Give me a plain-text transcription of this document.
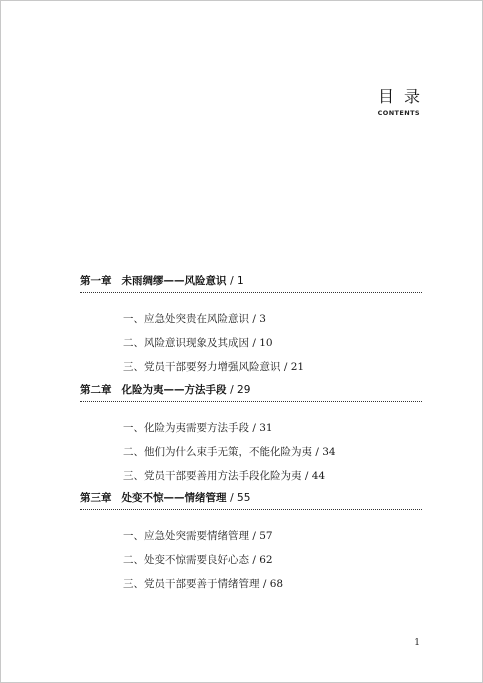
目录
CONTENTS
第一章 未雨绸缪——风险意识 / 1
一、应急处突贵在风险意识 / 3
二、风险意识现象及其成因 / 10
三、党员干部要努力增强风险意识 / 21
第二章 化险为夷——方法手段 / 29
一、化险为夷需要方法手段 / 31
二、他们为什么束手无策，不能化险为夷 / 34
三、党员干部要善用方法手段化险为夷 / 44
第三章 处变不惊——情绪管理 / 55
一、应急处突需要情绪管理 / 57
二、处变不惊需要良好心态 / 62
三、党员干部要善于情绪管理 / 68
1
